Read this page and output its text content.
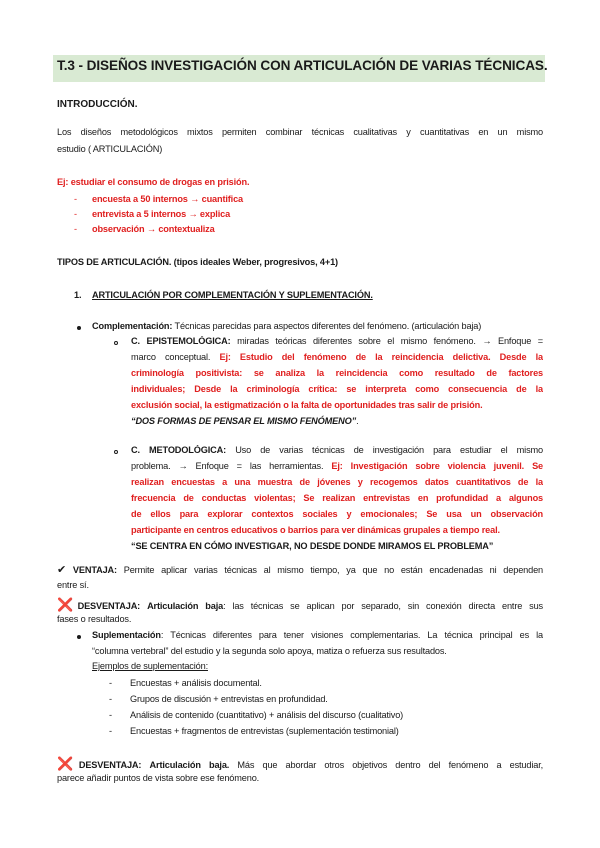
T.3 - DISEÑOS INVESTIGACIÓN CON ARTICULACIÓN DE VARIAS TÉCNICAS.
INTRODUCCIÓN.
Los diseños metodológicos mixtos permiten combinar técnicas cualitativas y cuantitativas en un mismo
estudio ( ARTICULACIÓN)
Ej: estudiar el consumo de drogas en prisión.
- encuesta a 50 internos → cuantifica
- entrevista a 5 internos → explica
- observación → contextualiza
TIPOS DE ARTICULACIÓN. (tipos ideales Weber, progresivos, 4+1)
1. ARTICULACIÓN POR COMPLEMENTACIÓN Y SUPLEMENTACIÓN.
Complementación: Técnicas parecidas para aspectos diferentes del fenómeno. (articulación baja)
C. EPISTEMOLÓGICA: miradas teóricas diferentes sobre el mismo fenómeno. → Enfoque =
marco conceptual. Ej: Estudio del fenómeno de la reincidencia delictiva. Desde la
criminología positivista: se analiza la reincidencia como resultado de factores
individuales; Desde la criminología crítica: se interpreta como consecuencia de la
exclusión social, la estigmatización o la falta de oportunidades tras salir de prisión.
“DOS FORMAS DE PENSAR EL MISMO FENÓMENO”.
C. METODOLÓGICA: Uso de varias técnicas de investigación para estudiar el mismo
problema. → Enfoque = las herramientas. Ej: Investigación sobre violencia juvenil. Se
realizan encuestas a una muestra de jóvenes y recogemos datos cuantitativos de la
frecuencia de conductas violentas; Se realizan entrevistas en profundidad a algunos
de ellos para explorar contextos sociales y emocionales; Se usa un observación
participante en centros educativos o barrios para ver dinámicas grupales a tiempo real.
“SE CENTRA EN CÓMO INVESTIGAR, NO DESDE DONDE MIRAMOS EL PROBLEMA”
✔ VENTAJA: Permite aplicar varias técnicas al mismo tiempo, ya que no están encadenadas ni dependen
entre sí.
❌DESVENTAJA: Articulación baja: las técnicas se aplican por separado, sin conexión directa entre sus
fases o resultados.
Suplementación: Técnicas diferentes para tener visiones complementarias. La técnica principal es la
“columna vertebral” del estudio y la segunda solo apoya, matiza o refuerza sus resultados.
Ejemplos de suplementación:
- Encuestas + análisis documental.
- Grupos de discusión + entrevistas en profundidad.
- Análisis de contenido (cuantitativo) + análisis del discurso (cualitativo)
- Encuestas + fragmentos de entrevistas (suplementación testimonial)
❌DESVENTAJA: Articulación baja. Más que abordar otros objetivos dentro del fenómeno a estudiar,
parece añadir puntos de vista sobre ese fenómeno.
